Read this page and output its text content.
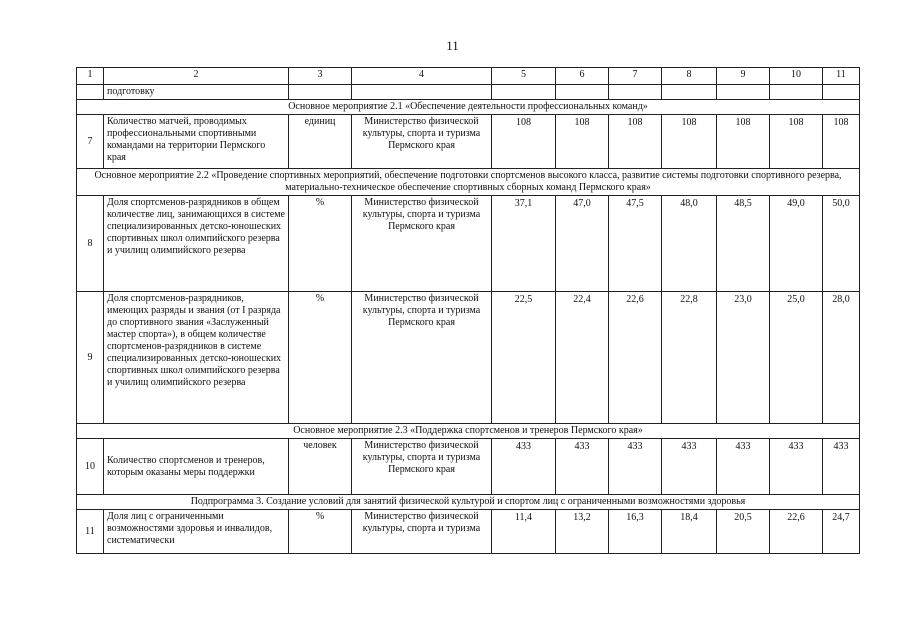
11
1	2	3	4	5	6	7	8	9	10	11
	подготовку									
Основное мероприятие 2.1 «Обеспечение деятельности профессиональных команд»										
7	Количество матчей, проводимых профессиональными спортивными командами на территории Пермского края	единиц	Министерство физической культуры, спорта и туризма Пермского края	108	108	108	108	108	108	108
Основное мероприятие 2.2 «Проведение спортивных мероприятий, обеспечение подготовки спортсменов высокого класса, развитие системы подготовки спортивного резерва, материально-техническое обеспечение спортивных сборных команд Пермского края»										
8	Доля спортсменов-разрядников в общем количестве лиц, занимающихся в системе специализированных детско-юношеских спортивных школ олимпийского резерва и училищ олимпийского резерва	%	Министерство физической культуры, спорта и туризма Пермского края	37,1	47,0	47,5	48,0	48,5	49,0	50,0
9	Доля спортсменов-разрядников, имеющих разряды и звания (от I разряда до спортивного звания «Заслуженный мастер спорта»), в общем количестве спортсменов-разрядников в системе специализированных детско-юношеских спортивных школ олимпийского резерва и училищ олимпийского резерва	%	Министерство физической культуры, спорта и туризма Пермского края	22,5	22,4	22,6	22,8	23,0	25,0	28,0
Основное мероприятие 2.3 «Поддержка спортсменов и тренеров Пермского края»										
10	Количество спортсменов и тренеров, которым оказаны меры поддержки	человек	Министерство физической культуры, спорта и туризма Пермского края	433	433	433	433	433	433	433
Подпрограмма 3. Создание условий для занятий физической культурой и спортом лиц с ограниченными возможностями здоровья										
11	Доля лиц с ограниченными возможностями здоровья и инвалидов, систематически	%	Министерство физической культуры, спорта и туризма	11,4	13,2	16,3	18,4	20,5	22,6	24,7
